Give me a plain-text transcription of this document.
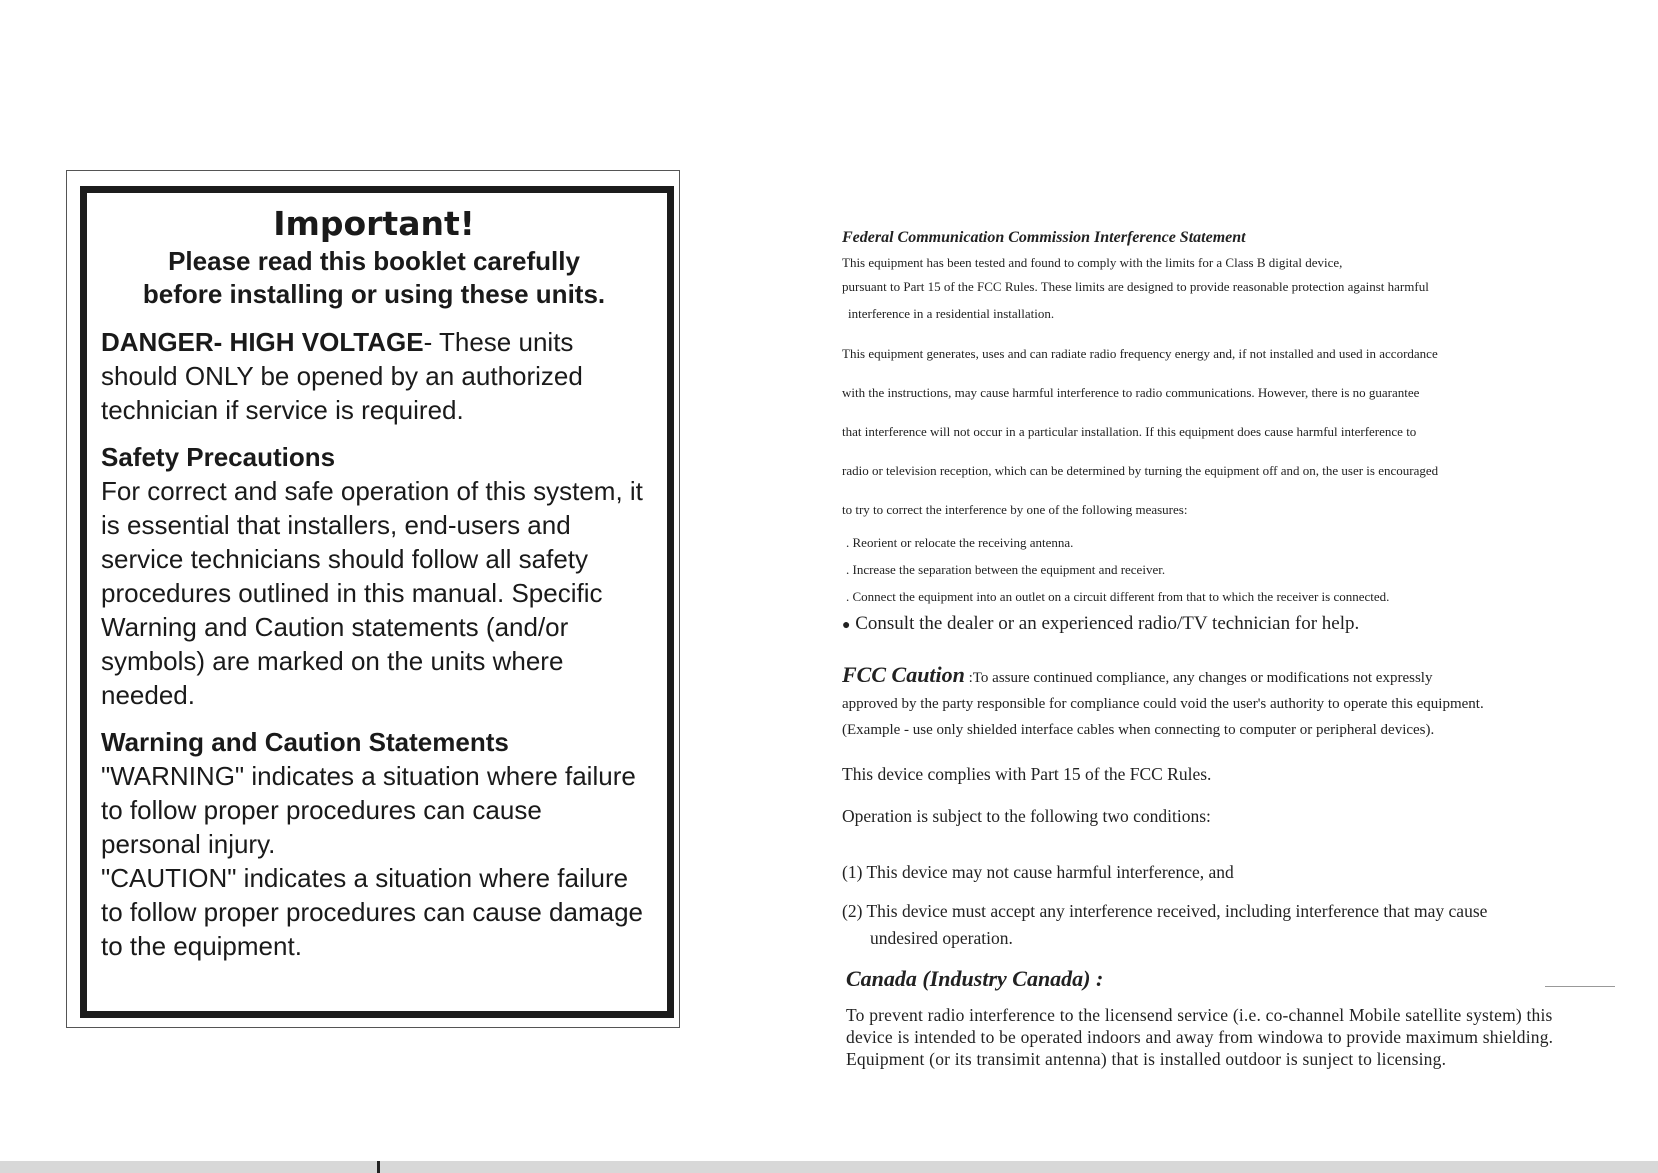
Important!
Please read this booklet carefully
before installing or using these units.

DANGER- HIGH VOLTAGE- These units should ONLY be opened by an authorized technician if service is required.

Safety Precautions

For correct and safe operation of this system, it is essential that installers, end-users and service technicians should follow all safety procedures outlined in this manual. Specific Warning and Caution statements (and/or symbols) are marked on the units where needed.

Warning and Caution Statements

"WARNING" indicates a situation where failure to follow proper procedures can cause personal injury.

"CAUTION" indicates a situation where failure to follow proper procedures can cause damage to the equipment.

Federal Communication Commission Interference Statement

This equipment has been tested and found to comply with the limits for a Class B digital device,

pursuant to Part 15 of the FCC Rules. These limits are designed to provide reasonable protection against harmful

interference in a residential installation.

This equipment generates, uses and can radiate radio frequency energy and, if not installed and used in accordance

with the instructions, may cause harmful interference to radio communications. However, there is no guarantee

that interference will not occur in a particular installation. If this equipment does cause harmful interference to

radio or television reception, which can be determined by turning the equipment off and on, the user is encouraged

to try to correct the interference by one of the following measures:

. Reorient or relocate the receiving antenna.

. Increase the separation between the equipment and receiver.

. Connect the equipment into an outlet on a circuit different from that to which the receiver is connected.

● Consult the dealer or an experienced radio/TV technician for help.

FCC Caution :To assure continued compliance, any changes or modifications not expressly

approved by the party responsible for compliance could void the user's authority to operate this equipment.

(Example - use only shielded interface cables when connecting to computer or peripheral devices).

This device complies with Part 15 of the FCC Rules.

Operation is subject to the following two conditions:

(1) This device may not cause harmful interference, and

(2) This device must accept any interference received, including interference that may cause
undesired operation.

Canada (Industry Canada) :

To prevent radio interference to the licensend service (i.e. co-channel Mobile satellite system) this

device is intended to be operated indoors and away from windowa to provide maximum shielding.

Equipment (or its transimit antenna) that is installed outdoor is sunject to licensing.
